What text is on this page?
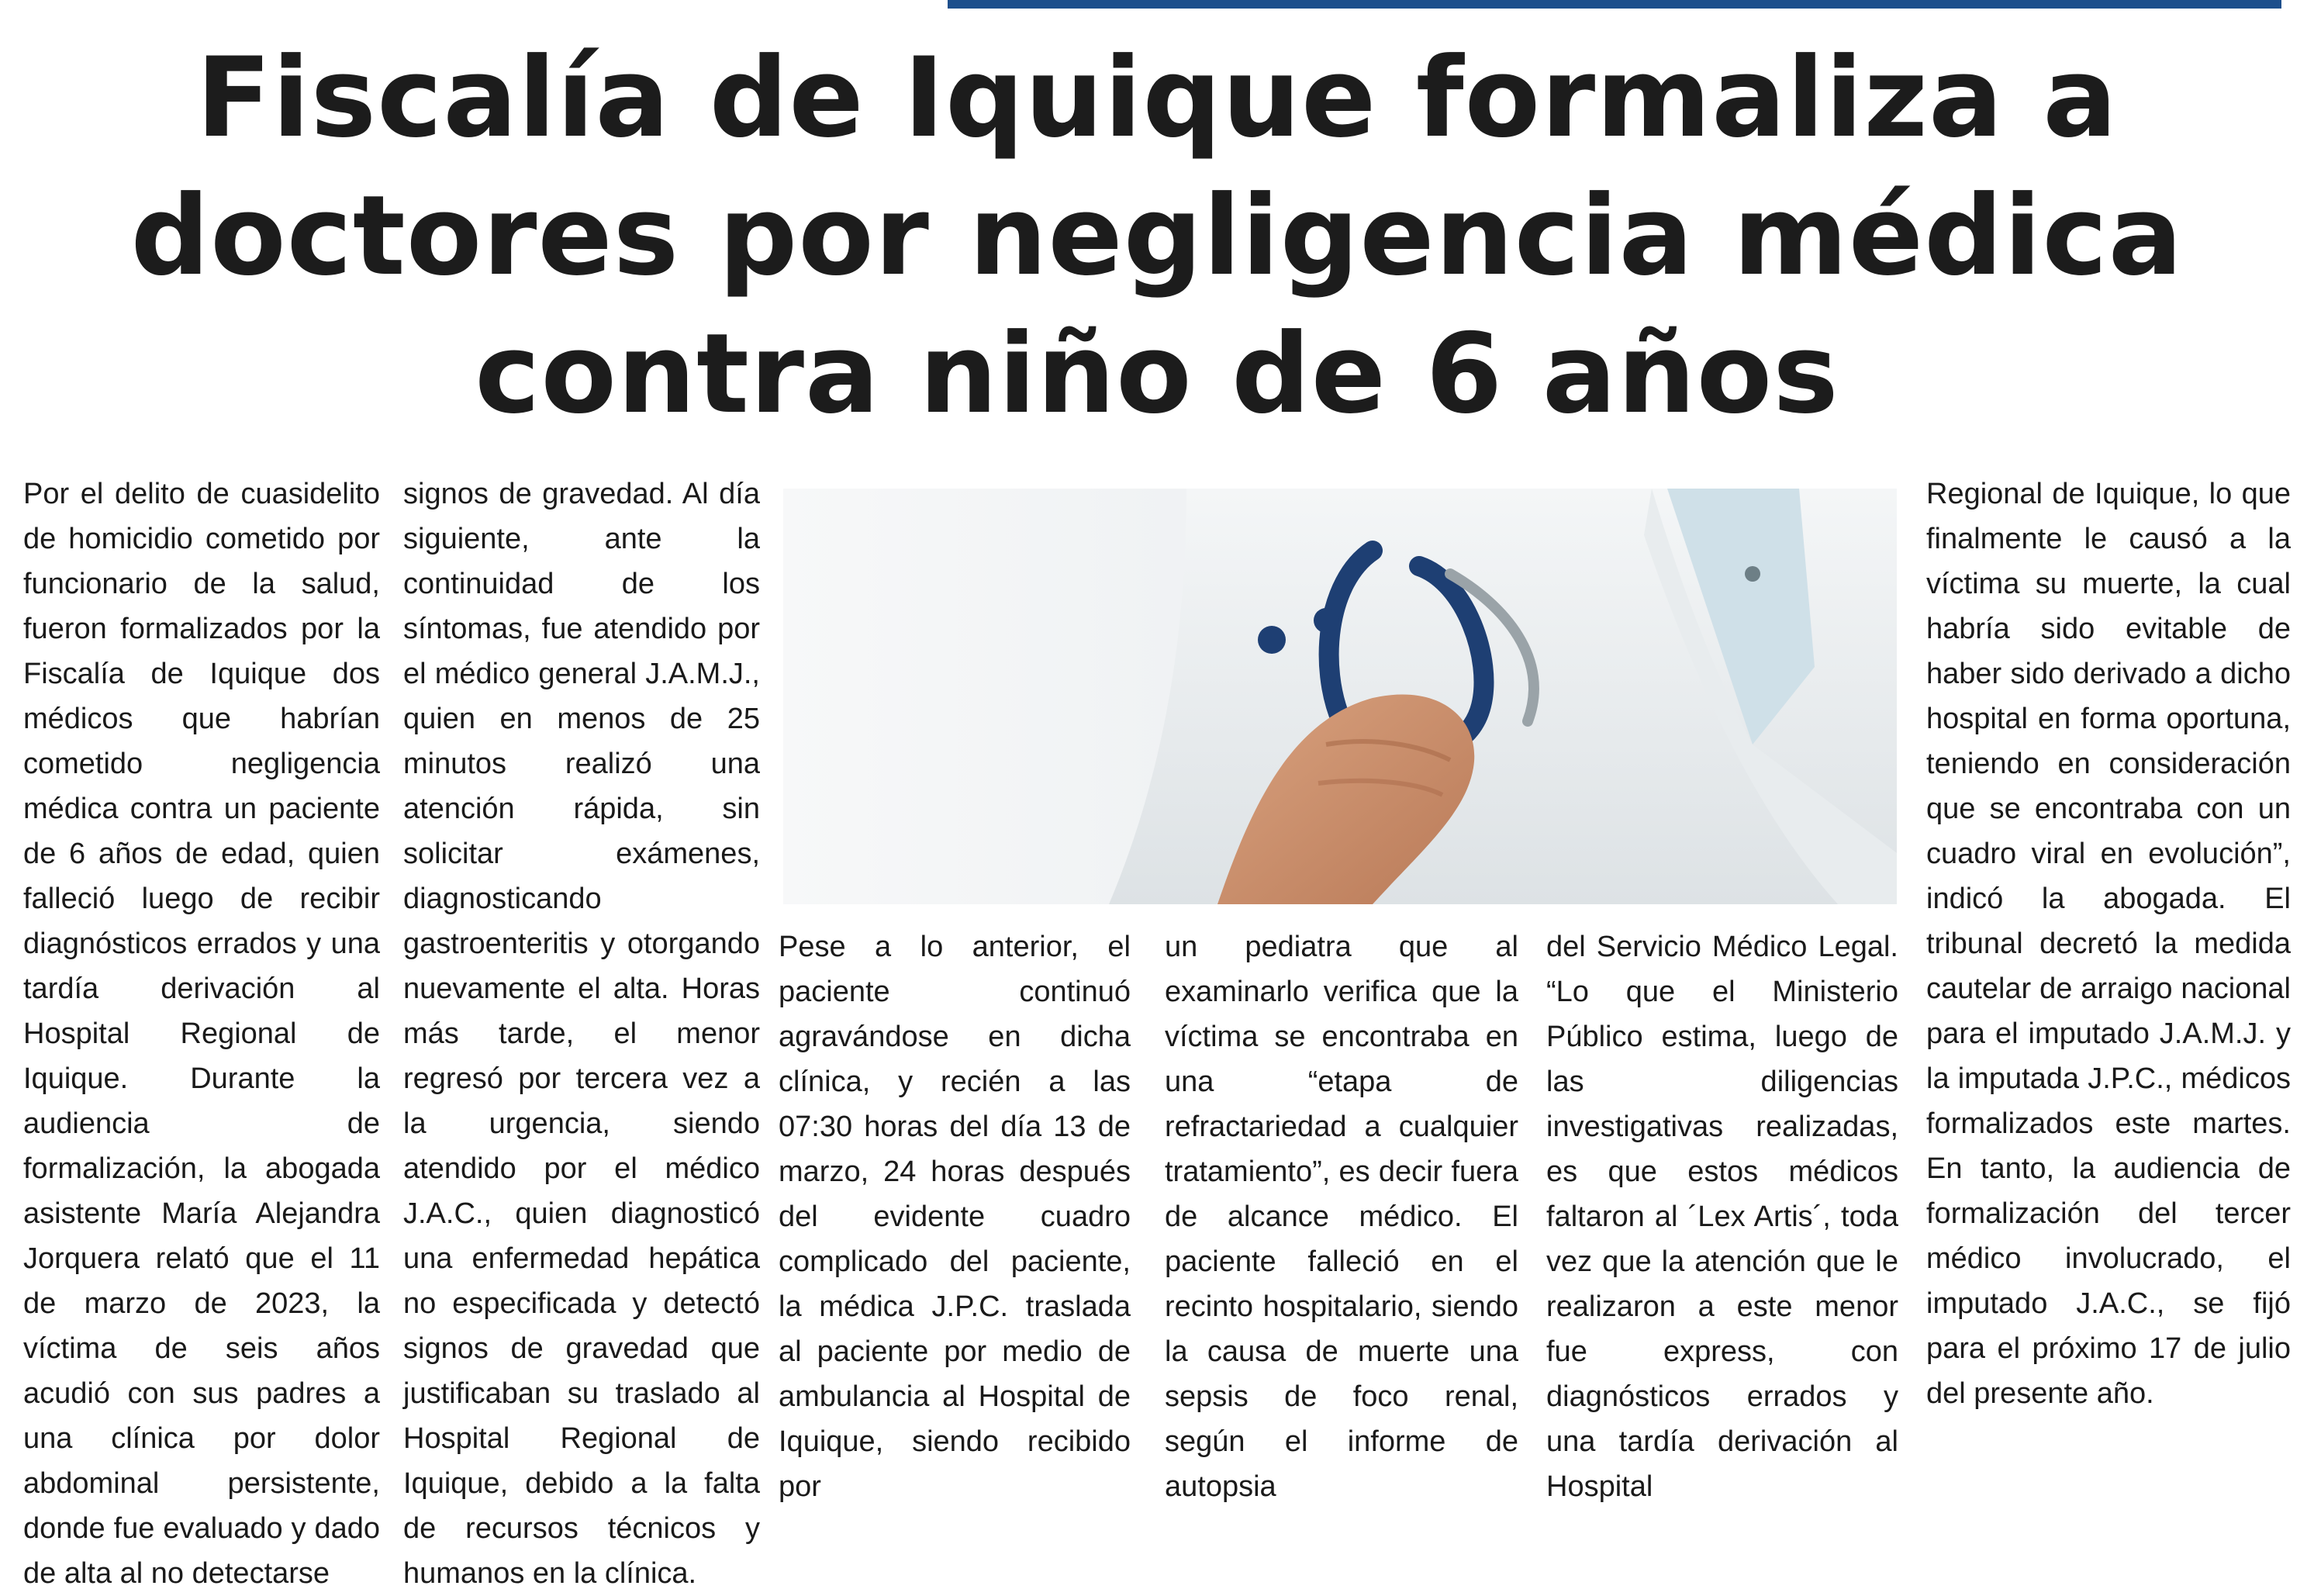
Fiscalía de Iquique formaliza a
doctores por negligencia médica
contra niño de 6 años

Por el delito de cuasidelito de homicidio cometido por funcionario de la salud, fueron formalizados por la Fiscalía de Iquique dos médicos que habrían cometido negligencia médica contra un paciente de 6 años de edad, quien falleció luego de recibir diagnósticos errados y una tardía derivación al Hospital Regional de Iquique. Durante la audiencia de formalización, la abogada asistente María Alejandra Jorquera relató que el 11 de marzo de 2023, la víctima de seis años acudió con sus padres a una clínica por dolor abdominal persistente, donde fue evaluado y dado de alta al no detectarse

signos de gravedad. Al día siguiente, ante la continuidad de los síntomas, fue atendido por el médico general J.A.M.J., quien en menos de 25 minutos realizó una atención rápida, sin solicitar exámenes, diagnosticando gastroenteritis y otorgando nuevamente el alta. Horas más tarde, el menor regresó por tercera vez a la urgencia, siendo atendido por el médico J.A.C., quien diagnosticó una enfermedad hepática no especificada y detectó signos de gravedad que justificaban su traslado al Hospital Regional de Iquique, debido a la falta de recursos técnicos y humanos en la clínica.

Pese a lo anterior, el paciente continuó agravándose en dicha clínica, y recién a las 07:30 horas del día 13 de marzo, 24 horas después del evidente cuadro complicado del paciente, la médica J.P.C. traslada al paciente por medio de ambulancia al Hospital de Iquique, siendo recibido por

un pediatra que al examinarlo verifica que la víctima se encontraba en una “etapa de refractariedad a cualquier tratamiento”, es decir fuera de alcance médico. El paciente falleció en el recinto hospitalario, siendo la causa de muerte una sepsis de foco renal, según el informe de autopsia

del Servicio Médico Legal. “Lo que el Ministerio Público estima, luego de las diligencias investigativas realizadas, es que estos médicos faltaron al ´Lex Artis´, toda vez que la atención que le realizaron a este menor fue express, con diagnósticos errados y una tardía derivación al Hospital

Regional de Iquique, lo que finalmente le causó a la víctima su muerte, la cual habría sido evitable de haber sido derivado a dicho hospital en forma oportuna, teniendo en consideración que se encontraba con un cuadro viral en evolución”, indicó la abogada. El tribunal decretó la medida cautelar de arraigo nacional para el imputado J.A.M.J. y la imputada J.P.C., médicos formalizados este martes. En tanto, la audiencia de formalización del tercer médico involucrado, el imputado J.A.C., se fijó para el próximo 17 de julio del presente año.
